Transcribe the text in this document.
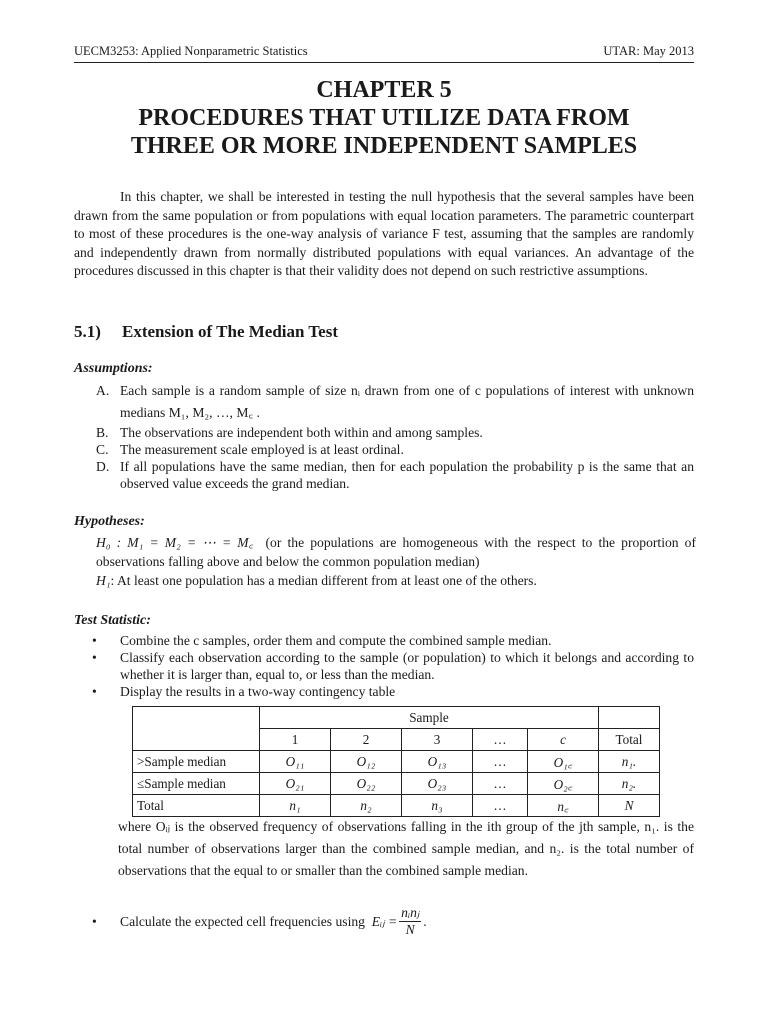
UECM3253: Applied Nonparametric Statistics	UTAR: May 2013
CHAPTER 5
PROCEDURES THAT UTILIZE DATA FROM
THREE OR MORE INDEPENDENT SAMPLES

In this chapter, we shall be interested in testing the null hypothesis that the several samples have been drawn from the same population or from populations with equal location parameters. The parametric counterpart to most of these procedures is the one-way analysis of variance F test, assuming that the samples are randomly and independently drawn from normally distributed populations with equal variances. An advantage of the procedures discussed in this chapter is that their validity does not depend on such restrictive assumptions.

5.1) Extension of The Median Test
Assumptions:
A. Each sample is a random sample of size nᵢ drawn from one of c populations of interest with unknown medians M₁, M₂, …, M꜀ .
B. The observations are independent both within and among samples.
C. The measurement scale employed is at least ordinal.
D. If all populations have the same median, then for each population the probability p is the same that an observed value exceeds the grand median.
Hypotheses:
H₀ : M₁ = M₂ = ⋯ = M꜀ (or the populations are homogeneous with the respect to the proportion of observations falling above and below the common population median)
H₁: At least one population has a median different from at least one of the others.
Test Statistic:
•	Combine the c samples, order them and compute the combined sample median.
•	Classify each observation according to the sample (or population) to which it belongs and according to whether it is larger than, equal to, or less than the median.
•	Display the results in a two-way contingency table
	Sample					
	1	2	3	…	c	Total
>Sample median	O₁₁	O₁₂	O₁₃	…	O₁꜀	n₁.
≤Sample median	O₂₁	O₂₂	O₂₃	…	O₂꜀	n₂.
Total	n₁	n₂	n₃	…	n꜀	N
where Oᵢⱼ is the observed frequency of observations falling in the ith group of the jth sample, n₁. is the total number of observations larger than the combined sample median, and n₂. is the total number of observations that the equal to or smaller than the combined sample median.
•	Calculate the expected cell frequencies using
Eᵢⱼ = $\frac{\text{nᵢnⱼ}}{N}$ .
